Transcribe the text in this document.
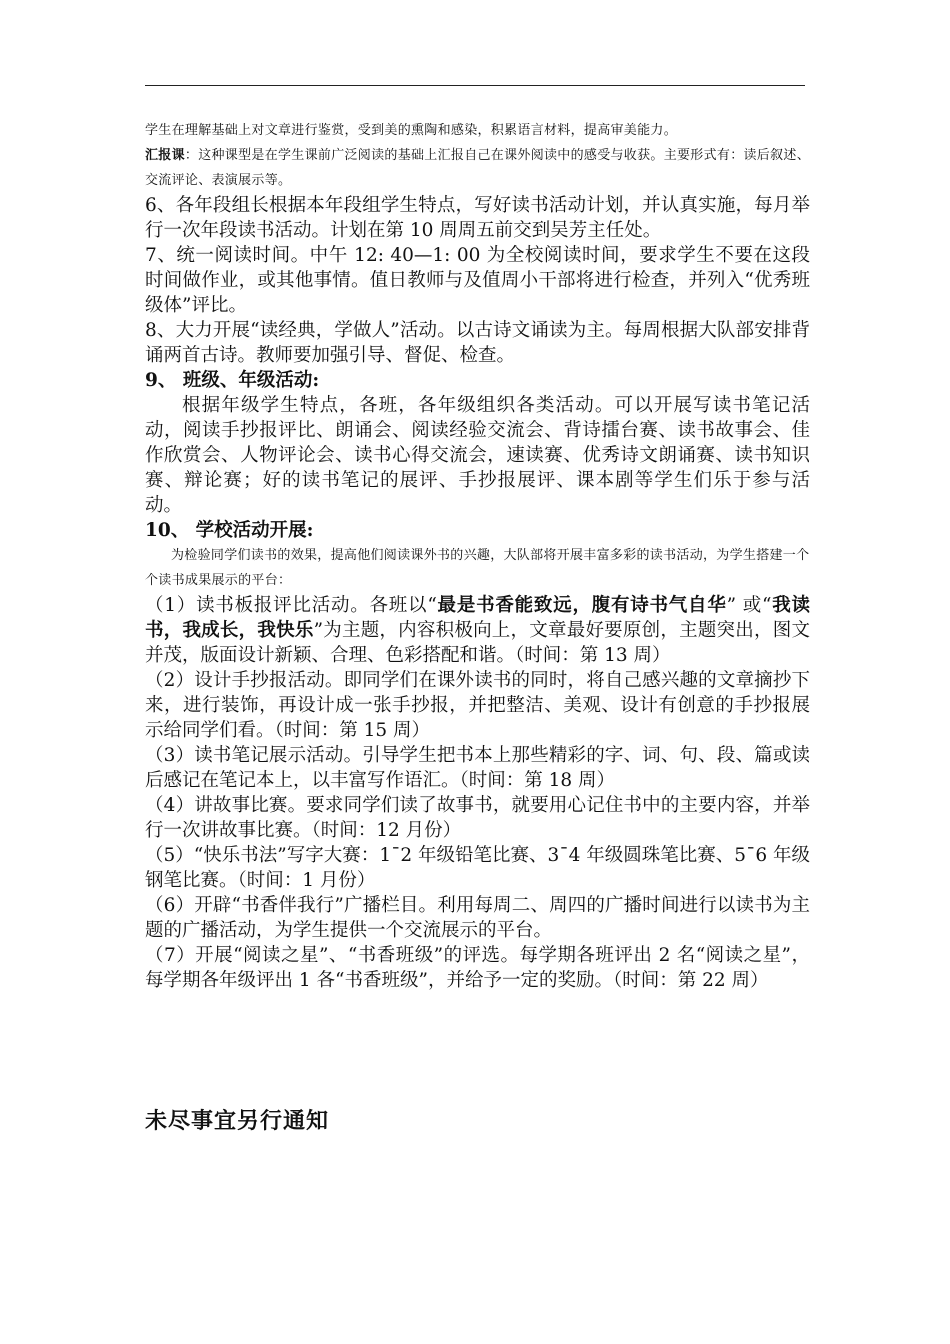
学生在理解基础上对文章进行鉴赏，受到美的熏陶和感染，积累语言材料，提高审美能力。
汇报课：这种课型是在学生课前广泛阅读的基础上汇报自己在课外阅读中的感受与收获。主要形式有：读后叙述、交流评论、表演展示等。

6、各年段组长根据本年段组学生特点，写好读书活动计划，并认真实施，每月举行一次年段读书活动。计划在第 10 周周五前交到吴芳主任处。

7、统一阅读时间。中午 12: 40—1: 00 为全校阅读时间，要求学生不要在这段时间做作业，或其他事情。值日教师与及值周小干部将进行检查，并列入“优秀班级体”评比。

8、大力开展“读经典，学做人”活动。以古诗文诵读为主。每周根据大队部安排背诵两首古诗。教师要加强引导、督促、检查。

9、 班级、年级活动:

根据年级学生特点，各班，各年级组织各类活动。可以开展写读书笔记活动，阅读手抄报评比、朗诵会、阅读经验交流会、背诗擂台赛、读书故事会、佳作欣赏会、人物评论会、读书心得交流会，速读赛、优秀诗文朗诵赛、读书知识赛、辩论赛；好的读书笔记的展评、手抄报展评、课本剧等学生们乐于参与活动。

10、 学校活动开展:

为检验同学们读书的效果，提高他们阅读课外书的兴趣，大队部将开展丰富多彩的读书活动，为学生搭建一个个读书成果展示的平台：

（1）读书板报评比活动。各班以“最是书香能致远，腹有诗书气自华” 或“我读书，我成长，我快乐”为主题，内容积极向上，文章最好要原创，主题突出，图文并茂，版面设计新颖、合理、色彩搭配和谐。（时间：第 13 周）

（2）设计手抄报活动。即同学们在课外读书的同时，将自己感兴趣的文章摘抄下来，进行装饰，再设计成一张手抄报，并把整洁、美观、设计有创意的手抄报展示给同学们看。（时间：第 15 周）

（3）读书笔记展示活动。引导学生把书本上那些精彩的字、词、句、段、篇或读后感记在笔记本上，以丰富写作语汇。（时间：第 18 周）

（4）讲故事比赛。要求同学们读了故事书，就要用心记住书中的主要内容，并举行一次讲故事比赛。（时间：12 月份）

（5）“快乐书法”写字大赛：1ˉ2 年级铅笔比赛、3ˉ4 年级圆珠笔比赛、5ˉ6 年级钢笔比赛。（时间：1 月份）

（6）开辟“书香伴我行”广播栏目。利用每周二、周四的广播时间进行以读书为主题的广播活动，为学生提供一个交流展示的平台。

（7）开展“阅读之星”、“书香班级”的评选。每学期各班评出 2 名“阅读之星”，每学期各年级评出 1 各“书香班级”，并给予一定的奖励。（时间：第 22 周）

未尽事宜另行通知
